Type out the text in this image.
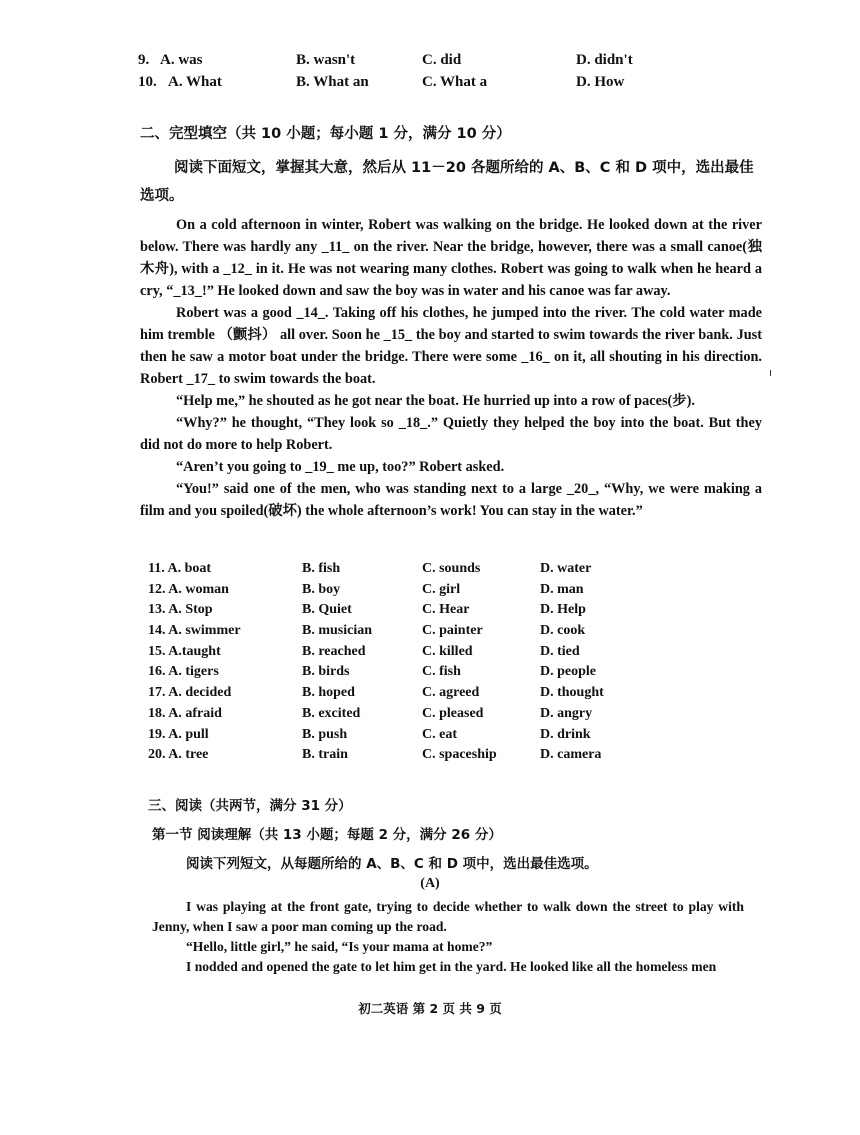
9. A. was	B. wasn't	C. did	D. didn't
10. A. What	B. What an	C. What a	D. How
二、完型填空（共 10 小题；每小题 1 分，满分 10 分）
阅读下面短文，掌握其大意，然后从 11－20 各题所给的 A、B、C 和 D 项中，选出最佳选项。

On a cold afternoon in winter, Robert was walking on the bridge. He looked down at the river below. There was hardly any _11_ on the river. Near the bridge, however, there was a small canoe(独木舟), with a _12_ in it. He was not wearing many clothes. Robert was going to walk when he heard a cry, “_13_!” He looked down and saw the boy was in water and his canoe was far away.

Robert was a good _14_. Taking off his clothes, he jumped into the river. The cold water made him tremble （颤抖） all over. Soon he _15_ the boy and started to swim towards the river bank. Just then he saw a motor boat under the bridge. There were some _16_ on it, all shouting in his direction. Robert _17_ to swim towards the boat.

“Help me,” he shouted as he got near the boat. He hurried up into a row of paces(步).

“Why?” he thought, “They look so _18_.” Quietly they helped the boy into the boat. But they did not do more to help Robert.

“Aren’t you going to _19_ me up, too?” Robert asked.

“You!” said one of the men, who was standing next to a large _20_, “Why, we were making a film and you spoiled(破坏) the whole afternoon’s work! You can stay in the water.”

11. A. boat	B. fish	C. sounds	D. water
12. A. woman	B. boy	C. girl	D. man
13. A. Stop	B. Quiet	C. Hear	D. Help
14. A. swimmer	B. musician	C. painter	D. cook
15. A.taught	B. reached	C. killed	D. tied
16. A. tigers	B. birds	C. fish	D. people
17. A. decided	B. hoped	C. agreed	D. thought
18. A. afraid	B. excited	C. pleased	D. angry
19. A. pull	B. push	C. eat	D. drink
20. A. tree	B. train	C. spaceship	D. camera
三、阅读（共两节，满分 31 分）
第一节 阅读理解（共 13 小题；每题 2 分，满分 26 分）
阅读下列短文，从每题所给的 A、B、C 和 D 项中，选出最佳选项。
(A)

I was playing at the front gate, trying to decide whether to walk down the street to play with Jenny, when I saw a poor man coming up the road.

“Hello, little girl,” he said, “Is your mama at home?”

I nodded and opened the gate to let him get in the yard. He looked like all the homeless men

初二英语 第 2 页 共 9 页
